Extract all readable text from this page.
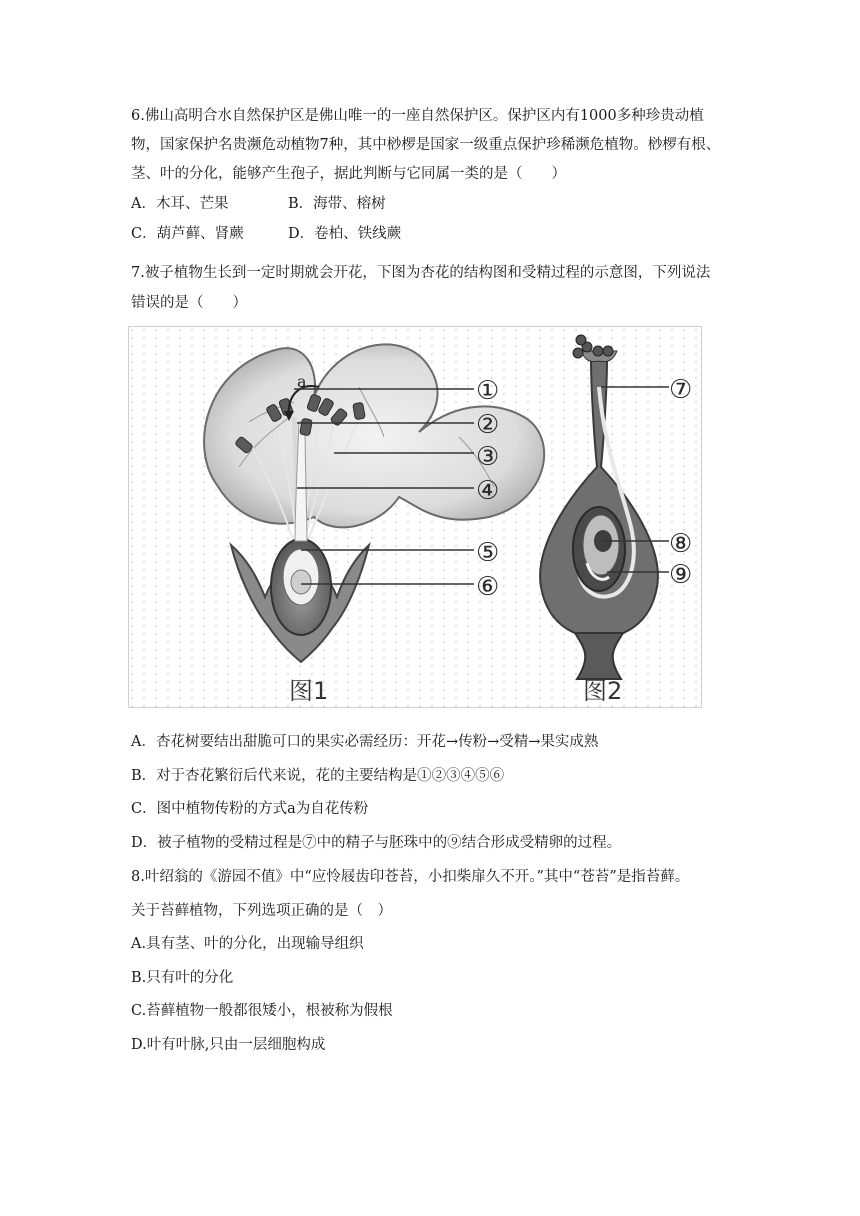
6.佛山高明合水自然保护区是佛山唯一的一座自然保护区。保护区内有1000多种珍贵动植
物，国家保护名贵濒危动植物7种，其中桫椤是国家一级重点保护珍稀濒危植物。桫椤有根、
茎、叶的分化，能够产生孢子，据此判断与它同属一类的是（　　）
A．木耳、芒果	B．海带、榕树
C．葫芦藓、肾蕨	D．卷柏、铁线蕨
7.被子植物生长到一定时期就会开花，下图为杏花的结构图和受精过程的示意图，下列说法
错误的是（　　）
a	①
②
③
④
⑤
⑥
⑦
⑧
⑨
图1	图2
A．杏花树要结出甜脆可口的果实必需经历：开花→传粉→受精→果实成熟
B．对于杏花繁衍后代来说，花的主要结构是①②③④⑤⑥
C．图中植物传粉的方式a为自花传粉
D．被子植物的受精过程是⑦中的精子与胚珠中的⑨结合形成受精卵的过程。
8.叶绍翁的《游园不值》中“应怜屐齿印苍苔，小扣柴扉久不开。”其中“苍苔”是指苔藓。
关于苔藓植物，下列选项正确的是（　）
A.具有茎、叶的分化，出现输导组织
B.只有叶的分化
C.苔藓植物一般都很矮小，根被称为假根
D.叶有叶脉,只由一层细胞构成
